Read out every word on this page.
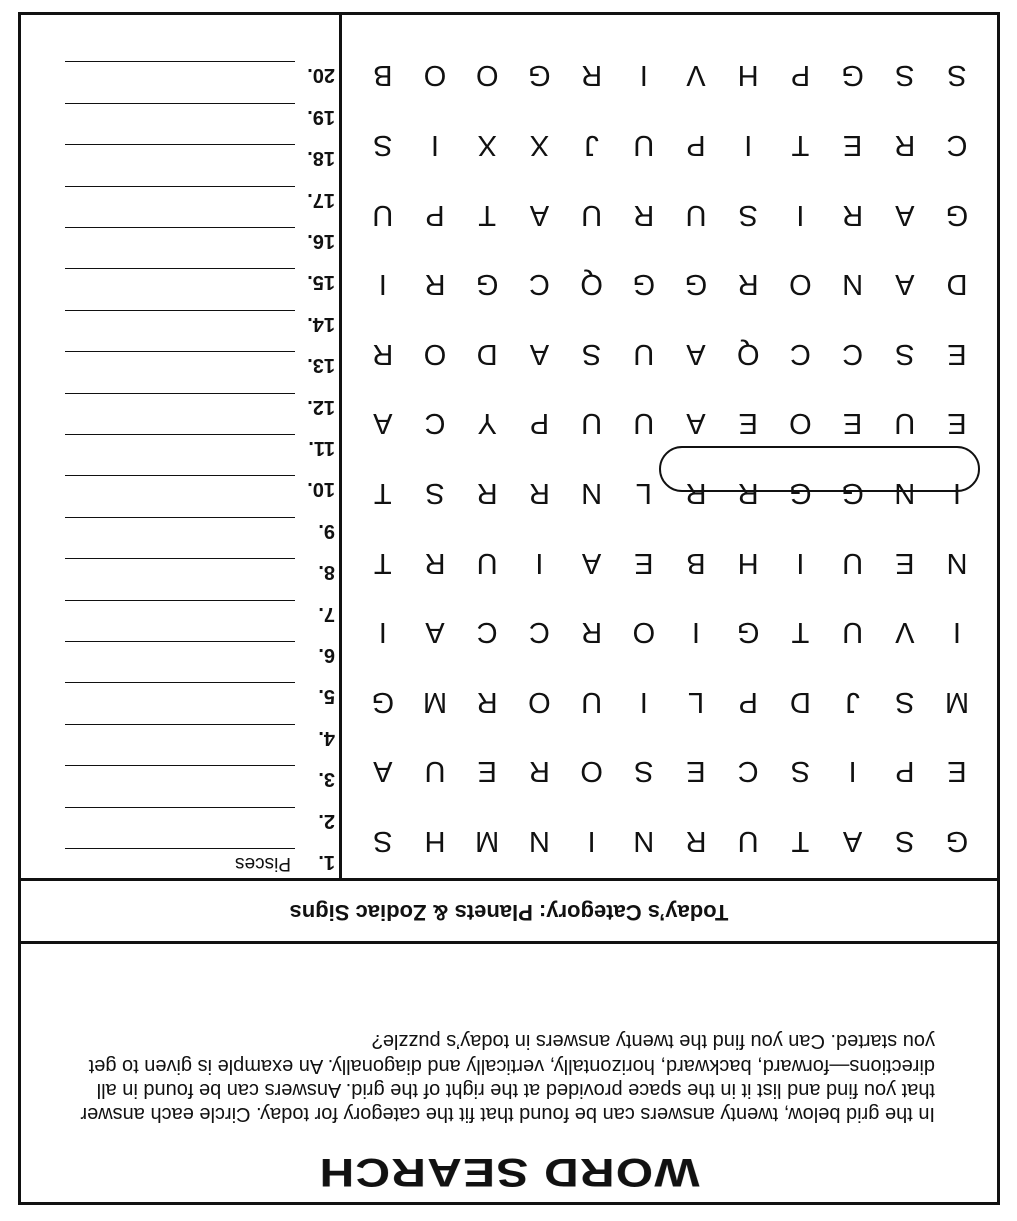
WORD SEARCH

In the grid below, twenty answers can be found that fit the category for today. Circle each answer that you find and list it in the space provided at the right of the grid. Answers can be found in all directions—forward, backward, horizontally, vertically and diagonally. An example is given to get you started. Can you find the twenty answers in today’s puzzle?

Today’s Category: Planets & Zodiac Signs
G
S
A
T
U
R
N
I
N
M
H
S
E
P
I
S
C
E
S
O
R
E
U
A
M
S
J
D
P
L
I
U
O
R
M
G
I
V
U
T
G
I
O
R
C
C
A
I
N
E
U
I
H
B
E
A
I
U
R
T
I
N
G
G
R
R
L
N
R
R
S
T
E
U
E
O
E
A
U
U
P
Y
C
A
E
S
C
C
Q
A
U
S
A
D
O
R
D
A
N
O
R
G
G
Q
C
G
R
I
G
A
R
I
S
U
R
U
A
T
P
U
C
R
E
T
I
P
U
J
X
X
I
S
S
S
G
P
H
V
I
R
G
O
O
B
1.
Pisces
2.
3.
4.
5.
6.
7.
8.
9.
10.
11.
12.
13.
14.
15.
16.
17.
18.
19.
20.
